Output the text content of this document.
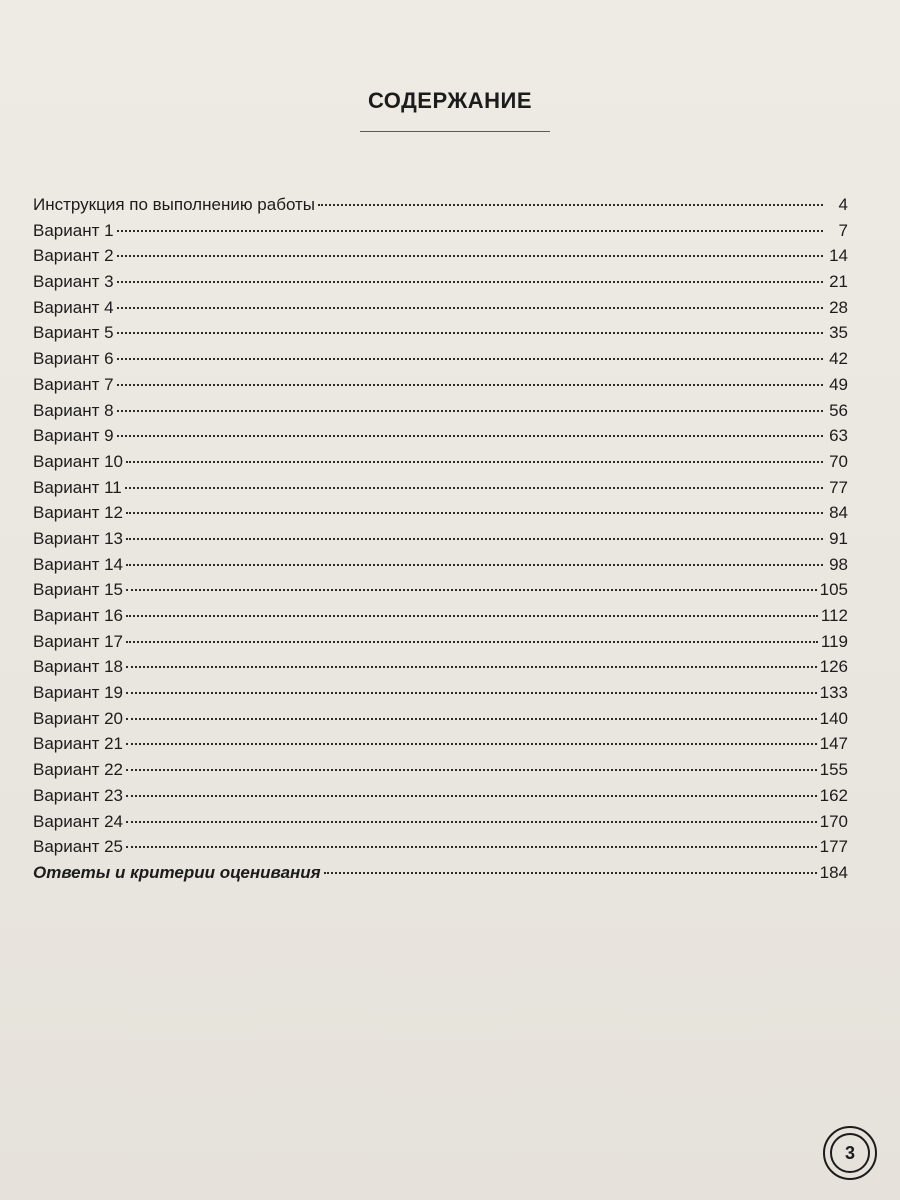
СОДЕРЖАНИЕ
Инструкция по выполнению работы	4
Вариант 1	7
Вариант 2	14
Вариант 3	21
Вариант 4	28
Вариант 5	35
Вариант 6	42
Вариант 7	49
Вариант 8	56
Вариант 9	63
Вариант 10	70
Вариант 11	77
Вариант 12	84
Вариант 13	91
Вариант 14	98
Вариант 15	105
Вариант 16	112
Вариант 17	119
Вариант 18	126
Вариант 19	133
Вариант 20	140
Вариант 21	147
Вариант 22	155
Вариант 23	162
Вариант 24	170
Вариант 25	177
Ответы и критерии оценивания	184
3
